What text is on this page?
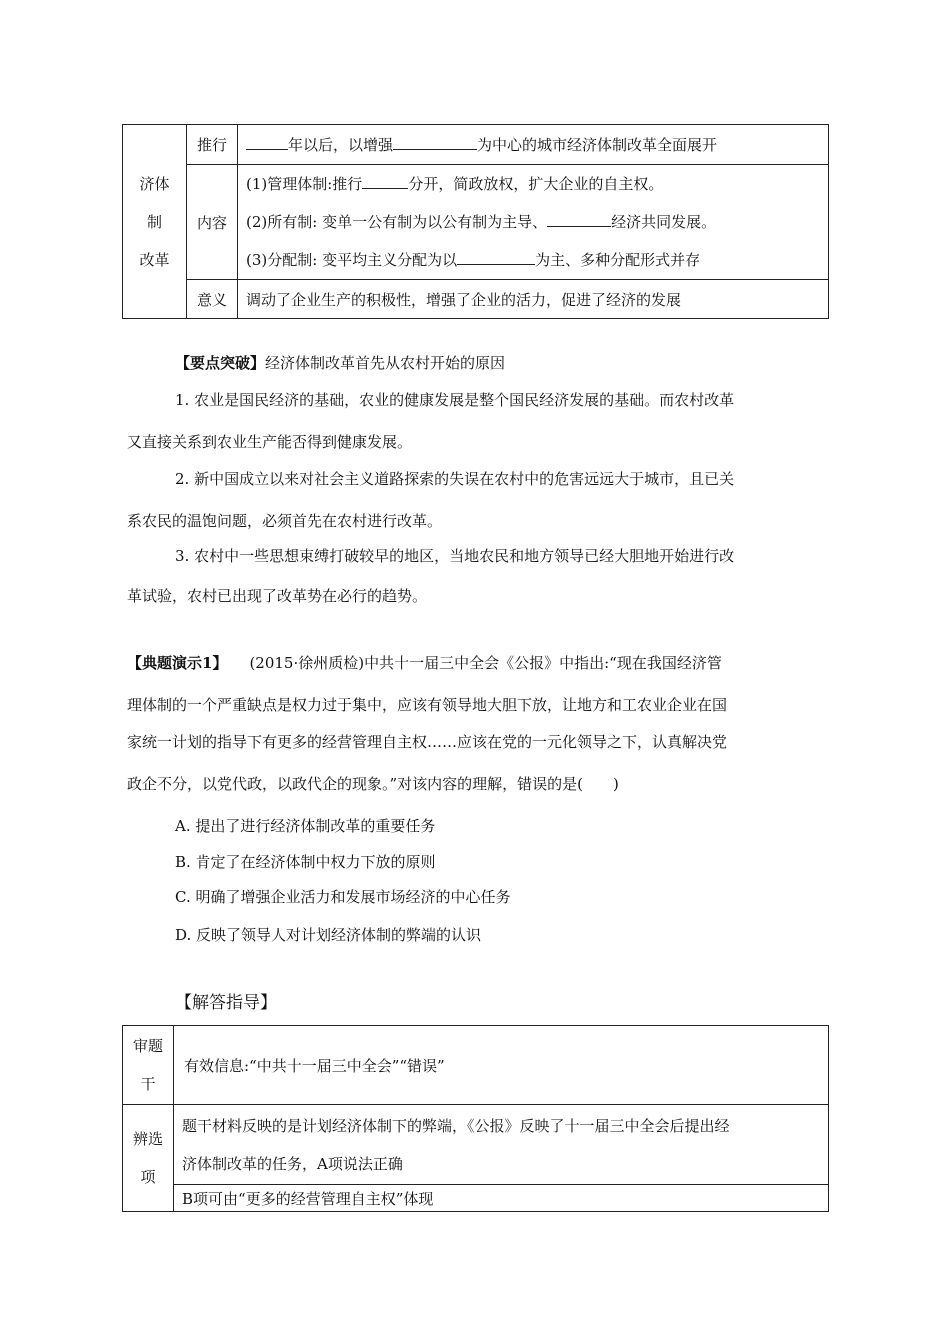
济体
制
改革	推行	年以后，以增强 为中心的城市经济体制改革全面展开
	内容	(1)管理体制:推行 分开，简政放权，扩大企业的自主权。
(2)所有制: 变单一公有制为以公有制为主导、 经济共同发展。
(3)分配制: 变平均主义分配为以 为主、多种分配形式并存

	意义	调动了企业生产的积极性，增强了企业的活力，促进了经济的发展
【要点突破】经济体制改革首先从农村开始的原因
1. 农业是国民经济的基础，农业的健康发展是整个国民经济发展的基础。而农村改革
又直接关系到农业生产能否得到健康发展。
2. 新中国成立以来对社会主义道路探索的失误在农村中的危害远远大于城市，且已关
系农民的温饱问题，必须首先在农村进行改革。
3. 农村中一些思想束缚打破较早的地区，当地农民和地方领导已经大胆地开始进行改
革试验，农村已出现了改革势在必行的趋势。
【典题演示1】 (2015·徐州质检)中共十一届三中全会《公报》中指出:“现在我国经济管
理体制的一个严重缺点是权力过于集中，应该有领导地大胆下放，让地方和工农业企业在国
家统一计划的指导下有更多的经营管理自主权……应该在党的一元化领导之下，认真解决党
政企不分，以党代政，以政代企的现象。”对该内容的理解，错误的是(　　)
A. 提出了进行经济体制改革的重要任务
B. 肯定了在经济体制中权力下放的原则
C. 明确了增强企业活力和发展市场经济的中心任务
D. 反映了领导人对计划经济体制的弊端的认识
【解答指导】
审题
干	有效信息:“中共十一届三中全会”“错误”

辨选
项	题干材料反映的是计划经济体制下的弊端，《公报》反映了十一届三中全会后提出经
济体制改革的任务，A项说法正确

	B项可由“更多的经营管理自主权”体现
